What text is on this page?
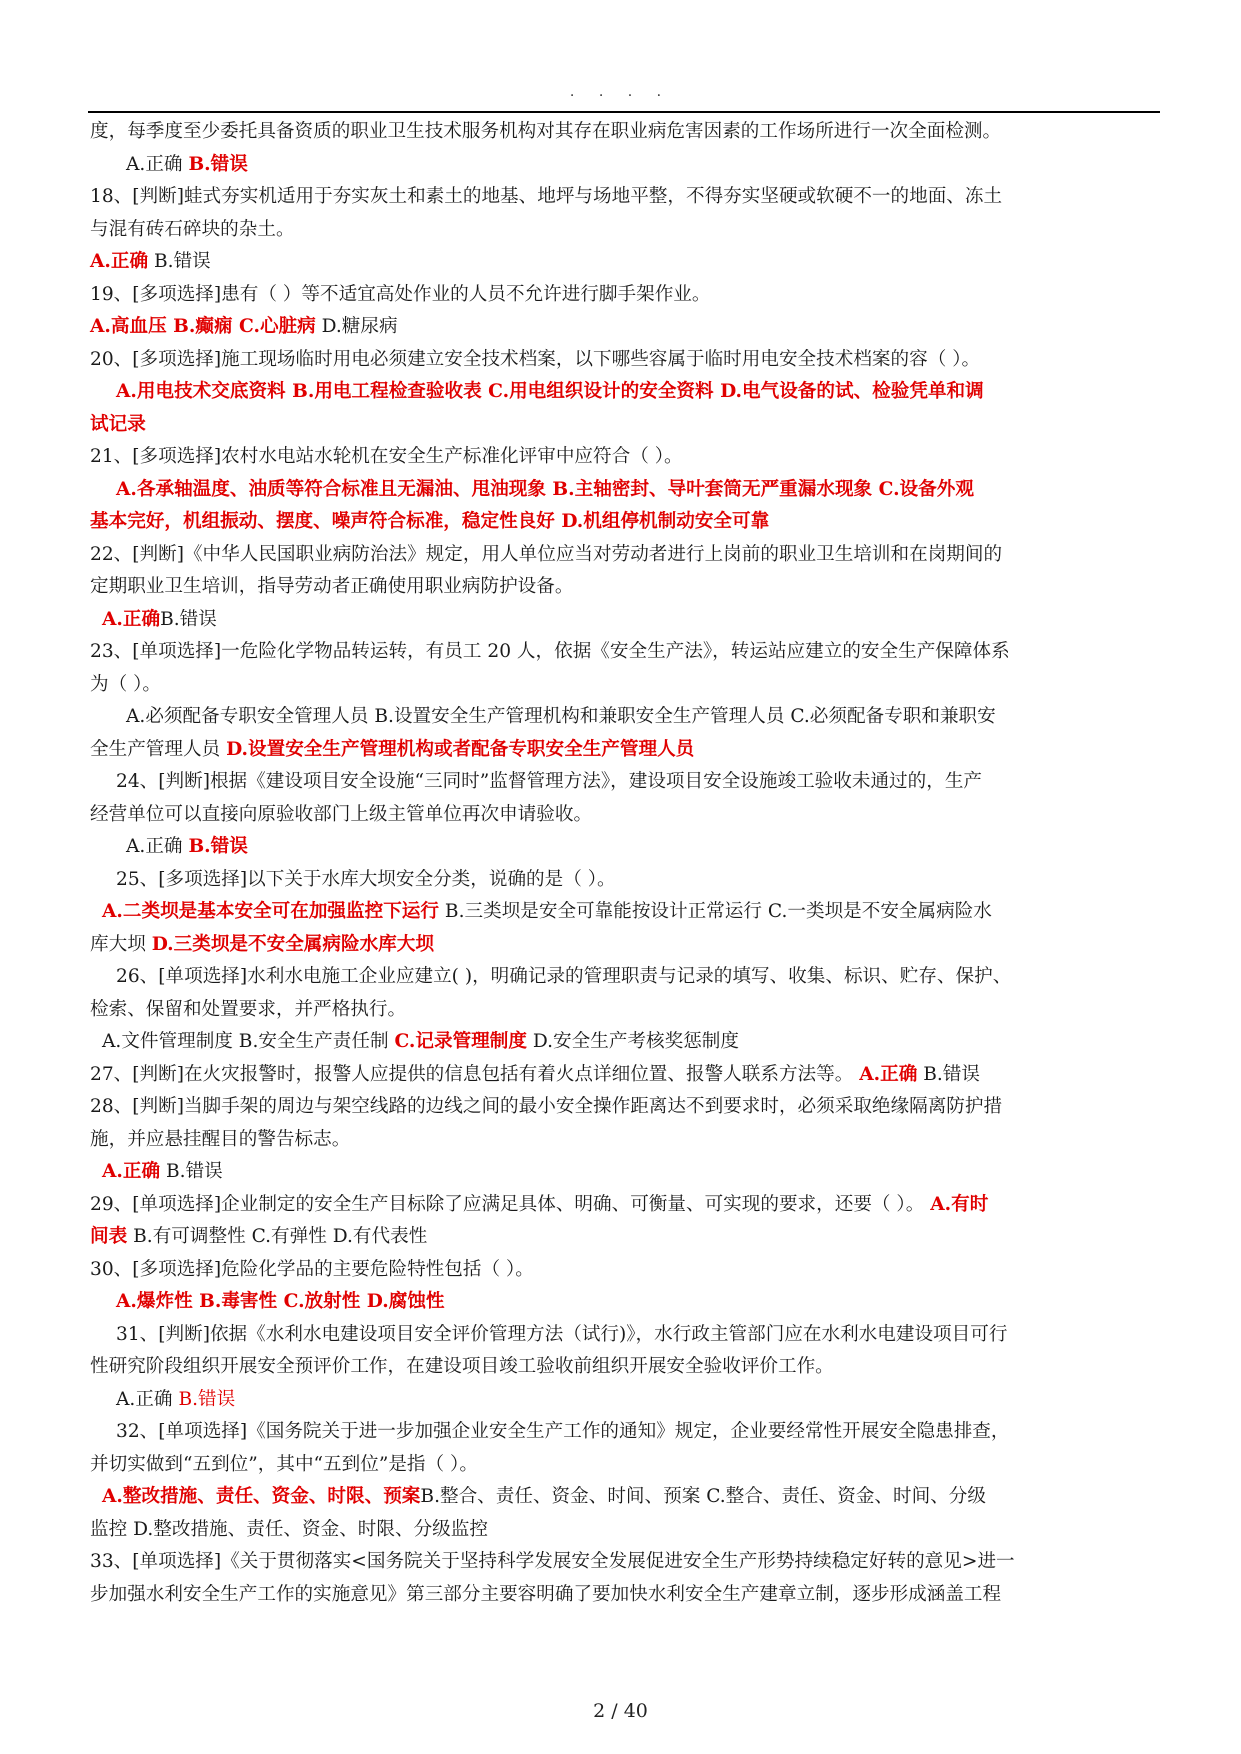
. . . .
度，每季度至少委托具备资质的职业卫生技术服务机构对其存在职业病危害因素的工作场所进行一次全面检测。
A.正确 B.错误
18、[判断]蛙式夯实机适用于夯实灰土和素土的地基、地坪与场地平整，不得夯实坚硬或软硬不一的地面、冻土
与混有砖石碎块的杂土。
A.正确 B.错误
19、[多项选择]患有（ ）等不适宜高处作业的人员不允许进行脚手架作业。
A.高血压 B.癫痫 C.心脏病 D.糖尿病
20、[多项选择]施工现场临时用电必须建立安全技术档案，以下哪些容属于临时用电安全技术档案的容（ ）。
A.用电技术交底资料 B.用电工程检查验收表 C.用电组织设计的安全资料 D.电气设备的试、检验凭单和调
试记录
21、[多项选择]农村水电站水轮机在安全生产标准化评审中应符合（ ）。
A.各承轴温度、油质等符合标准且无漏油、甩油现象 B.主轴密封、导叶套筒无严重漏水现象 C.设备外观
基本完好，机组振动、摆度、噪声符合标准，稳定性良好 D.机组停机制动安全可靠
22、[判断]《中华人民国职业病防治法》规定，用人单位应当对劳动者进行上岗前的职业卫生培训和在岗期间的
定期职业卫生培训，指导劳动者正确使用职业病防护设备。
A.正确B.错误
23、[单项选择]一危险化学物品转运转，有员工 20 人，依据《安全生产法》，转运站应建立的安全生产保障体系
为（ ）。
A.必须配备专职安全管理人员 B.设置安全生产管理机构和兼职安全生产管理人员 C.必须配备专职和兼职安
全生产管理人员 D.设置安全生产管理机构或者配备专职安全生产管理人员
24、[判断]根据《建设项目安全设施“三同时”监督管理方法》，建设项目安全设施竣工验收未通过的，生产
经营单位可以直接向原验收部门上级主管单位再次申请验收。
A.正确 B.错误
25、[多项选择]以下关于水库大坝安全分类，说确的是（ ）。
A.二类坝是基本安全可在加强监控下运行 B.三类坝是安全可靠能按设计正常运行 C.一类坝是不安全属病险水
库大坝 D.三类坝是不安全属病险水库大坝
26、[单项选择]水利水电施工企业应建立( )，明确记录的管理职责与记录的填写、收集、标识、贮存、保护、
检索、保留和处置要求，并严格执行。
A.文件管理制度 B.安全生产责任制 C.记录管理制度 D.安全生产考核奖惩制度
27、[判断]在火灾报警时，报警人应提供的信息包括有着火点详细位置、报警人联系方法等。 A.正确 B.错误
28、[判断]当脚手架的周边与架空线路的边线之间的最小安全操作距离达不到要求时，必须采取绝缘隔离防护措
施，并应悬挂醒目的警告标志。
A.正确 B.错误
29、[单项选择]企业制定的安全生产目标除了应满足具体、明确、可衡量、可实现的要求，还要（ ）。 A.有时
间表 B.有可调整性 C.有弹性 D.有代表性
30、[多项选择]危险化学品的主要危险特性包括（ ）。
A.爆炸性 B.毒害性 C.放射性 D.腐蚀性
31、[判断]依据《水利水电建设项目安全评价管理方法（试行)》，水行政主管部门应在水利水电建设项目可行
性研究阶段组织开展安全预评价工作，在建设项目竣工验收前组织开展安全验收评价工作。
A.正确 B.错误
32、[单项选择]《国务院关于进一步加强企业安全生产工作的通知》规定，企业要经常性开展安全隐患排查，
并切实做到“五到位”，其中“五到位”是指（ ）。
A.整改措施、责任、资金、时限、预案B.整合、责任、资金、时间、预案 C.整合、责任、资金、时间、分级
监控 D.整改措施、责任、资金、时限、分级监控
33、[单项选择]《关于贯彻落实<国务院关于坚持科学发展安全发展促进安全生产形势持续稳定好转的意见>进一
步加强水利安全生产工作的实施意见》第三部分主要容明确了要加快水利安全生产建章立制，逐步形成涵盖工程
2 / 40
